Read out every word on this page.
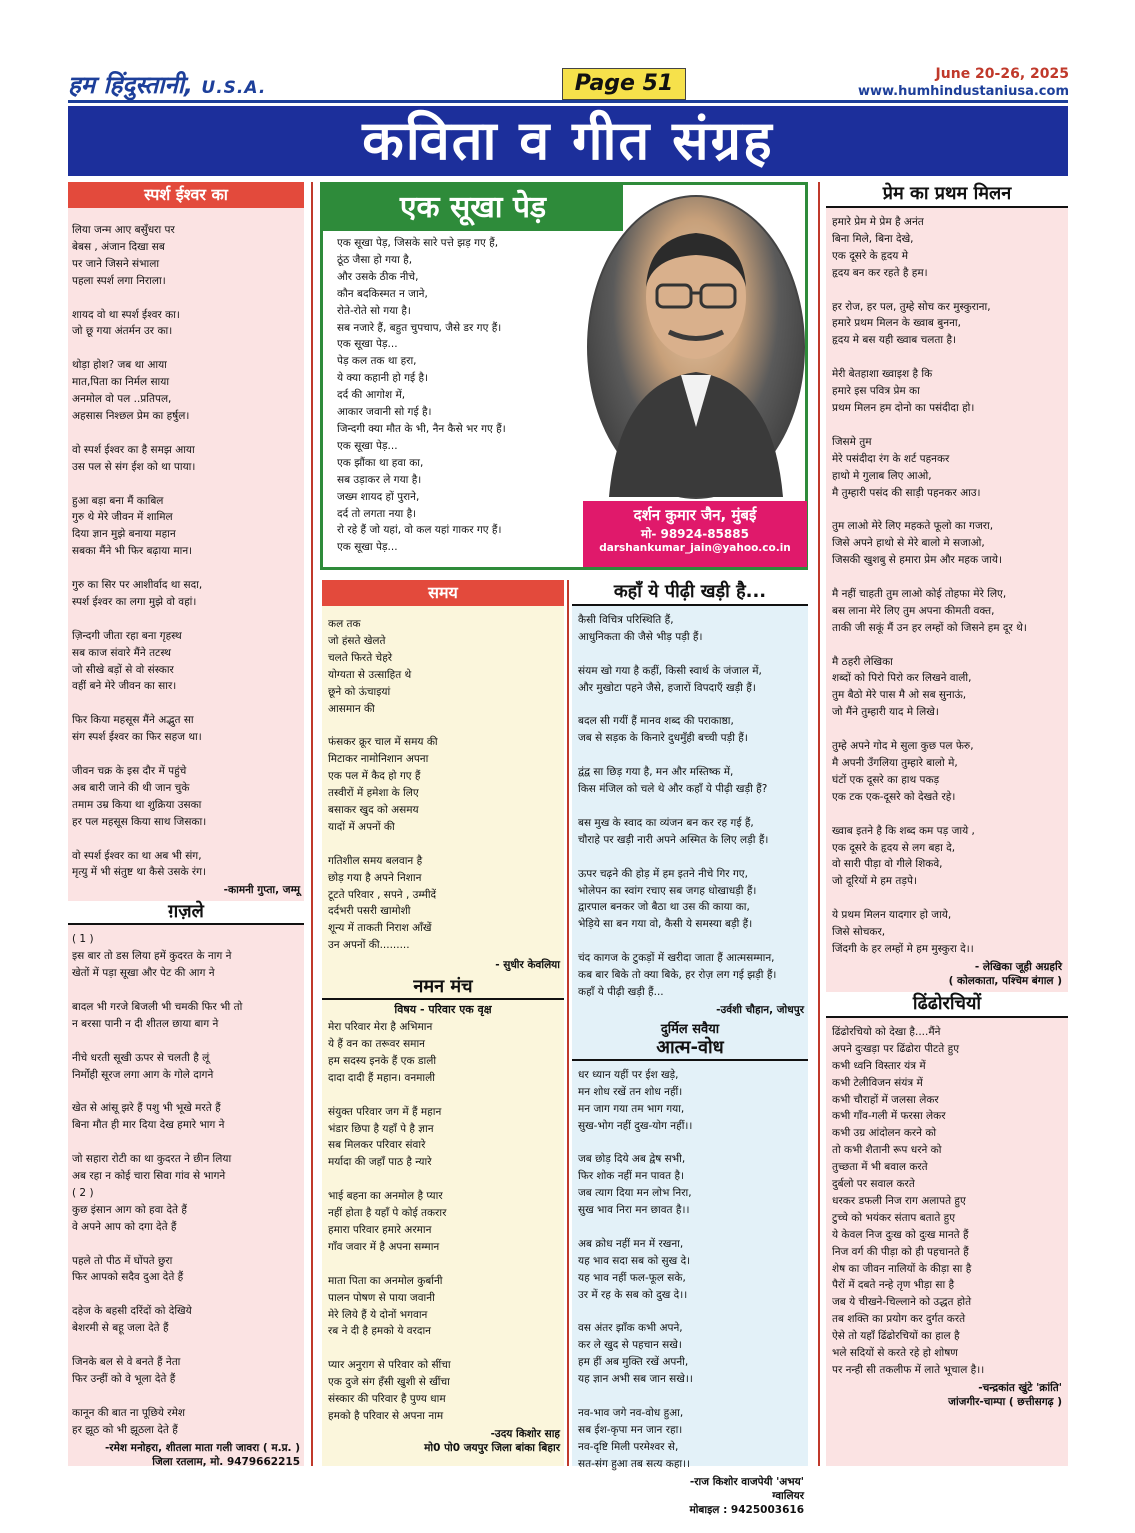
हम हिंदुस्तानी, U.S.A.	Page 51	June 20-26, 2025
www.humhindustaniusa.com
कविता व गीत संग्रह
स्पर्श ईश्वर का
लिया जन्म आए बसुँधरा पर
बेबस , अंजान दिखा सब
पर जाने जिसने संभाला
पहला स्पर्श लगा निराला।

शायद वो था स्पर्श ईश्वर का।
जो छू गया अंतर्मन उर का।

थोड़ा होश? जब था आया
मात,पिता का निर्मल साया
अनमोल वो पल ..प्रतिपल,
अहसास निश्छल प्रेम का हर्षुल।

वो स्पर्श ईश्वर का है समझ आया
उस पल से संग ईश को था पाया।

हुआ बड़ा बना मैं काबिल
गुरु थे मेरे जीवन में शामिल
दिया ज्ञान मुझे बनाया महान
सबका मैंने भी फिर बढ़ाया मान।

गुरु का सिर पर आशीर्वाद था सदा,
स्पर्श ईश्वर का लगा मुझे वो वहां।

ज़िन्दगी जीता रहा बना गृहस्थ
सब काज संवारे मैंने तटस्थ
जो सीखे बड़ों से वो संस्कार
वहीं बने मेरे जीवन का सार।

फिर किया महसूस मैंने अद्भुत सा
संग स्पर्श ईश्वर का फिर सहज था।

जीवन चक्र के इस दौर में पहुंचे
अब बारी जाने की थी जान चुके
तमाम उम्र किया था शुक्रिया उसका
हर पल महसूस किया साथ जिसका।

वो स्पर्श ईश्वर का था अब भी संग,
मृत्यु में भी संतुष्ट था कैसे उसके रंग।
-कामनी गुप्ता, जम्मू
ग़ज़ले
( 1 )
इस बार तो डस लिया हमें कुदरत के नाग ने
खेतों में पड़ा सूखा और पेट की आग ने

बादल भी गरजे बिजली भी चमकी फिर भी तो
न बरसा पानी न दी शीतल छाया बाग ने

नीचे धरती सूखी ऊपर से चलती है लूं
निर्मोही सूरज लगा आग के गोले दागने

खेत से आंसू झरे हैं पशु भी भूखे मरते हैं
बिना मौत ही मार दिया देख हमारे भाग ने

जो सहारा रोटी का था कुदरत ने छीन लिया
अब रहा न कोई चारा सिवा गांव से भागने
( 2 )
कुछ इंसान आग को हवा देते हैं
वे अपने आप को दगा देते हैं

पहले तो पीठ में घोंपते छुरा
फिर आपको सदैव दुआ देते हैं

दहेज के बहसी दरिंदों को देखिये
बेशरमी से बहू जला देते हैं

जिनके बल से वे बनते हैं नेता
फिर उन्हीं को वे भूला देते हैं

कानून की बात ना पूछिये रमेश
हर झूठ को भी झूठला देते हैं
-रमेश मनोहरा, शीतला माता गली जावरा ( म.प्र. )
जिला रतलाम, मो. 9479662215
एक सूखा पेड़
एक सूखा पेड़, जिसके सारे पत्ते झड़ गए हैं,
ठूंठ जैसा हो गया है,
और उसके ठीक नीचे,
कौन बदकिस्मत न जाने,
रोते-रोते सो गया है।
सब नजारे हैं, बहुत चुपचाप, जैसे डर गए हैं।
एक सूखा पेड़...
पेड़ कल तक था हरा,
ये क्या कहानी हो गई है।
दर्द की आगोश में,
आकार जवानी सो गई है।
जिन्दगी क्या मौत के भी, नैन कैसे भर गए हैं।
एक सूखा पेड़...
एक झौंका था हवा का,
सब उड़ाकर ले गया है।
जख्म शायद हों पुराने,
दर्द तो लगता नया है।
रो रहे हैं जो यहां, वो कल यहां गाकर गए हैं।
एक सूखा पेड़...
दर्शन कुमार जैन, मुंबई
मो- 98924-85885
darshankumar_jain@yahoo.co.in
समय
कल तक
जो हंसते खेलते
चलते फिरते चेहरे
योग्यता से उत्साहित थे
छूने को ऊंचाइयां
आसमान की

फंसकर क्रूर चाल में समय की
मिटाकर नामोनिशान अपना
एक पल में कैद हो गए हैं
तस्वीरों में हमेशा के लिए
बसाकर खुद को असमय
यादों में अपनों की

गतिशील समय बलवान है
छोड़ गया है अपने निशान
टूटते परिवार , सपने , उम्मीदें
दर्दभरी पसरी खामोशी
शून्य में ताकती निराश आँखें
उन अपनों की.........
- सुधीर केवलिया
नमन मंच
विषय - परिवार एक वृक्ष
मेरा परिवार मेरा है अभिमान
ये हैं वन का तरूवर समान
हम सदस्य इनके हैं एक डाली
दादा दादी हैं महान। वनमाली

संयुक्त परिवार जग में हैं महान
भंडार छिपा है यहाँ पे है ज्ञान
सब मिलकर परिवार संवारे
मर्यादा की जहाँ पाठ है न्यारे

भाई बहना का अनमोल है प्यार
नहीं होता है यहाँ पे कोई तकरार
हमारा परिवार हमारे अरमान
गाँव जवार में है अपना सम्मान

माता पिता का अनमोल कुर्बानी
पालन पोषण से पाया जवानी
मेरे लिये हैं ये दोनों भगवान
रब ने दी है हमको ये वरदान

प्यार अनुराग से परिवार को सींचा
एक दुजे संग हँसी खुशी से खींचा
संस्कार की परिवार है पुण्य धाम
हमको है परिवार से अपना नाम
-उदय किशोर साह
मो0 पो0 जयपुर जिला बांका बिहार
कहाँ ये पीढ़ी खड़ी है...
कैसी विचित्र परिस्थिति हैं,
आधुनिकता की जैसे भीड़ पड़ी हैं।

संयम खो गया है कहीं, किसी स्वार्थ के जंजाल में,
और मुखोटा पहने जैसे, हजारों विपदाएँ खड़ी हैं।

बदल सी गयीं हैं मानव शब्द की पराकाष्ठा,
जब से सड़क के किनारे दुधमुँही बच्ची पड़ी हैं।

द्वंद्व सा छिड़ गया है, मन और मस्तिष्क में,
किस मंजिल को चले थे और कहाँ ये पीढ़ी खड़ी हैं?

बस मुख के स्वाद का व्यंजन बन कर रह गई हैं,
चौराहे पर खड़ी नारी अपने अस्मित के लिए लड़ी हैं।

ऊपर चढ़ने की होड़ में हम इतने नीचे गिर गए,
भोलेपन का स्वांग रचाए सब जगह धोखाधड़ी हैं।
द्वारपाल बनकर जो बैठा था उस की काया का,
भेड़िये सा बन गया वो, कैसी ये समस्या बड़ी हैं।

चंद कागज के टुकड़ों में खरीदा जाता हैं आत्मसम्मान,
कब बार बिके तो क्या बिके, हर रोज़ लग गई झड़ी हैं।
कहाँ ये पीढ़ी खड़ी हैं...
-उर्वशी चौहान, जोधपुर
दुर्मिल सवैया
आत्म-वोध
धर ध्यान यहीं पर ईश खड़े,
मन शोध रखें तन शोध नहीं।
मन जाग गया तम भाग गया,
सुख-भोग नहीं दुख-योग नहीं।।

जब छोड़ दिये अब द्वेष सभी,
फिर शोक नहीं मन पावत है।
जब त्याग दिया मन लोभ निरा,
सुख भाव निरा मन छावत है।।

अब क्रोध नहीं मन में रखना,
यह भाव सदा सब को सुख दे।
यह भाव नहीं फल-फूल सके,
उर में रह के सब को दुख दे।।

वस अंतर झाँक कभी अपने,
कर ले खुद से पहचान सखे।
हम हीं अब मुक्ति रखें अपनी,
यह ज्ञान अभी सब जान सखे।।

नव-भाव जगे नव-वोध हुआ,
सब ईश-कृपा मन जान रहा।
नव-दृष्टि मिली परमेश्वर से,
सत-संग हुआ तब सत्य कहा।।
-राज किशोर वाजपेयी 'अभय'
ग्वालियर
मोबाइल : 9425003616
प्रेम का प्रथम मिलन
हमारे प्रेम मे प्रेम है अनंत
बिना मिले, बिना देखे,
एक दूसरे के हृदय मे
हृदय बन कर रहते है हम।

हर रोज, हर पल, तुम्हे सोच कर मुस्कुराना,
हमारे प्रथम मिलन के ख्वाब बुनना,
हृदय मे बस यही ख्वाब चलता है।

मेरी बेतहाशा ख्वाइश है कि
हमारे इस पवित्र प्रेम का
प्रथम मिलन हम दोनो का पसंदीदा हो।

जिसमे तुम
मेरे पसंदीदा रंग के शर्ट पहनकर
हाथो मे गुलाब लिए आओ,
मै तुम्हारी पसंद की साड़ी पहनकर आउ।

तुम लाओ मेरे लिए महकते फूलो का गजरा,
जिसे अपने हाथो से मेरे बालो मे सजाओ,
जिसकी खुशबु से हमारा प्रेम और महक जाये।

मै नहीं चाहती तुम लाओ कोई तोहफा मेरे लिए,
बस लाना मेरे लिए तुम अपना कीमती वक्त,
ताकी जी सकूं मैं उन हर लम्हों को जिसने हम दूर थे।

मै ठहरी लेखिका
शब्दों को पिरो पिरो कर लिखने वाली,
तुम बैठो मेरे पास मै ओ सब सुनाऊं,
जो मैंने तुम्हारी याद मे लिखे।

तुम्हे अपने गोद मे सुला कुछ पल फेरु,
मै अपनी उँगलिया तुम्हारे बालो मे,
घंटों एक दूसरे का हाथ पकड़
एक टक एक-दूसरे को देखते रहे।

ख्वाब इतने है कि शब्द कम पड़ जाये ,
एक दूसरे के हृदय से लग बहा दे,
वो सारी पीड़ा वो गीले शिकवे,
जो दूरियों मे हम तड़पे।

ये प्रथम मिलन यादगार हो जाये,
जिसे सोचकर,
जिंदगी के हर लम्हों मे हम मुस्कुरा दे।।
- लेखिका जूही अग्रहरि
( कोलकाता, पश्चिम बंगाल )
ढिंढोरचियों
ढिंढोरचियो को देखा है....मैंने
अपने दुःखड़ा पर ढिंढोरा पीटते हुए
कभी ध्वनि विस्तार यंत्र में
कभी टेलीविजन संयंत्र में
कभी चौराहों में जलसा लेकर
कभी गाँव-गली में फरसा लेकर
कभी उग्र आंदोलन करने को
तो कभी शैतानी रूप धरने को
तुच्छता में भी बवाल करते
दुर्बलो पर सवाल करते
धरकर डफली निज राग अलापते हुए
टुच्चे को भयंकर संताप बताते हुए
ये केवल निज दुःख को दुःख मानते हैं
निज वर्ग की पीड़ा को ही पहचानते हैं
शेष का जीवन नालियों के कीड़ा सा है
पैरों में दबते नन्हे तृण भीड़ा सा है
जब ये चीखने-चिल्लाने को उद्धत होते
तब शक्ति का प्रयोग कर दुर्गत करते
ऐसे तो यहाँ ढिंढोरचियों का हाल है
भले सदियों से करते रहे हो शोषण
पर नन्ही सी तकलीफ में लाते भूचाल है।।
-चन्द्रकांत खुंटे 'क्रांति'
जांजगीर-चाम्पा ( छत्तीसगढ़ )
